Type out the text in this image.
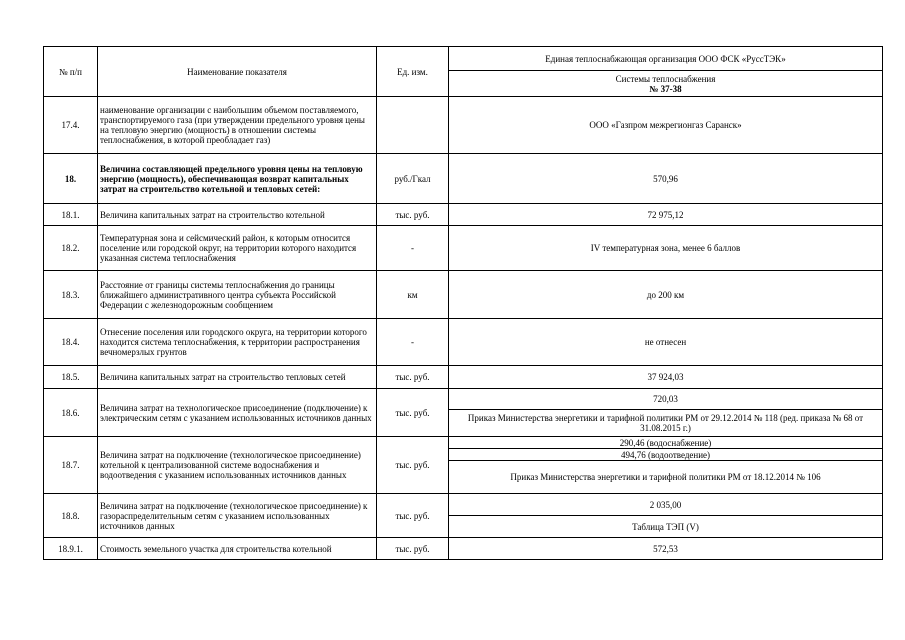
№ п/п	Наименование показателя	Ед. изм.	Единая теплоснабжающая организация ООО ФСК «РуссТЭК»

			Системы теплоснабжения
№ 37-38

17.4.	наименование организации с наибольшим объемом поставляемого, транспортируемого газа (при утверждении предельного уровня цены на тепловую энергию (мощность) в отношении системы теплоснабжения, в которой преобладает газ)		ООО «Газпром межрегионгаз Саранск»
18.	Величина составляющей предельного уровня цены на тепловую энергию (мощность), обеспечивающая возврат капитальных затрат на строительство котельной и тепловых сетей:	руб./Гкал	570,96
18.1.	Величина капитальных затрат на строительство котельной	тыс. руб.	72 975,12
18.2.	Температурная зона и сейсмический район, к которым относится поселение или городской округ, на территории которого находится указанная система теплоснабжения	-	IV температурная зона, менее 6 баллов
18.3.	Расстояние от границы системы теплоснабжения до границы ближайшего административного центра субъекта Российской Федерации с железнодорожным сообщением	км	до 200 км
18.4.	Отнесение поселения или городского округа, на территории которого находится система теплоснабжения, к территории распространения вечномерзлых грунтов	-	не отнесен
18.5.	Величина капитальных затрат на строительство тепловых сетей	тыс. руб.	37 924,03
18.6.	Величина затрат на технологическое присоединение (подключение) к электрическим сетям с указанием использованных источников данных	тыс. руб.	720,03
			Приказ Министерства энергетики и тарифной политики РМ от 29.12.2014 № 118 (ред. приказа № 68 от 31.08.2015 г.)
18.7.	Величина затрат на подключение (технологическое присоединение) котельной к централизованной системе водоснабжения и водоотведения с указанием использованных источников данных	тыс. руб.	290,46 (водоснабжение)
			494,76 (водоотведение)
			Приказ Министерства энергетики и тарифной политики РМ от 18.12.2014 № 106
18.8.	Величина затрат на подключение (технологическое присоединение) к газораспределительным сетям с указанием использованных источников данных	тыс. руб.	2 035,00
			Таблица ТЭП (V)
18.9.1.	Стоимость земельного участка для строительства котельной	тыс. руб.	572,53
